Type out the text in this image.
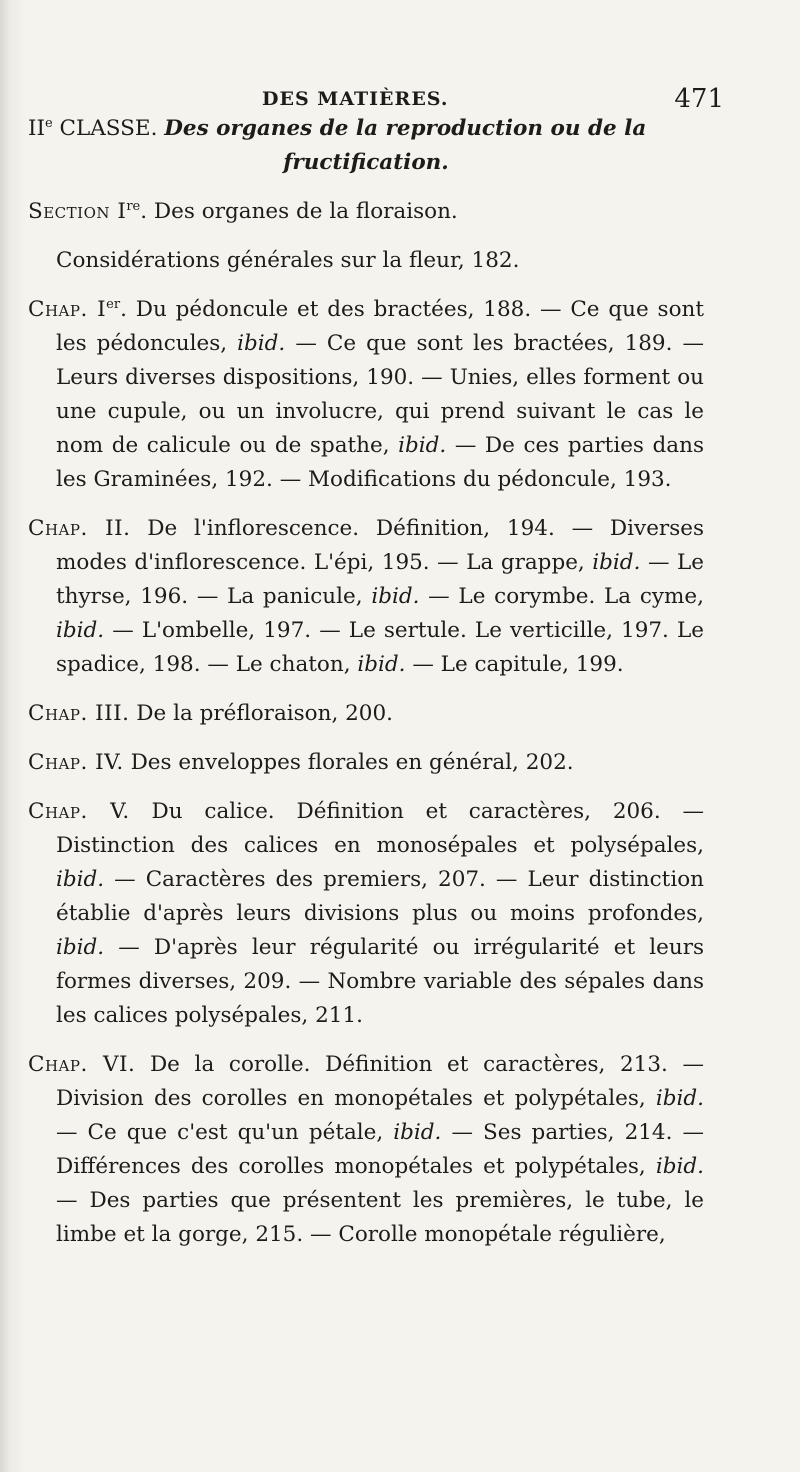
DES MATIÈRES.	471

IIe CLASSE. Des organes de la reproduction ou de la

fructification.

Section Ire. Des organes de la floraison.

Considérations générales sur la fleur, 182.

Chap. Ier. Du pédoncule et des bractées, 188. — Ce que sont les pédoncules, ibid. — Ce que sont les bractées, 189. — Leurs diverses dispositions, 190. — Unies, elles forment ou une cupule, ou un involucre, qui prend suivant le cas le nom de calicule ou de spathe, ibid. — De ces parties dans les Graminées, 192. — Modifications du pédoncule, 193.

Chap. II. De l'inflorescence. Définition, 194. — Diverses modes d'inflorescence. L'épi, 195. — La grappe, ibid. — Le thyrse, 196. — La panicule, ibid. — Le corymbe. La cyme, ibid. — L'ombelle, 197. — Le sertule. Le verticille, 197. Le spadice, 198. — Le chaton, ibid. — Le capitule, 199.

Chap. III. De la préfloraison, 200.

Chap. IV. Des enveloppes florales en général, 202.

Chap. V. Du calice. Définition et caractères, 206. — Distinction des calices en monosépales et polysépales, ibid. — Caractères des premiers, 207. — Leur distinction établie d'après leurs divisions plus ou moins profondes, ibid. — D'après leur régularité ou irrégularité et leurs formes diverses, 209. — Nombre variable des sépales dans les calices polysépales, 211.

Chap. VI. De la corolle. Définition et caractères, 213. — Division des corolles en monopétales et polypétales, ibid. — Ce que c'est qu'un pétale, ibid. — Ses parties, 214. — Différences des corolles monopétales et polypétales, ibid. — Des parties que présentent les premières, le tube, le limbe et la gorge, 215. — Corolle monopétale régulière,
